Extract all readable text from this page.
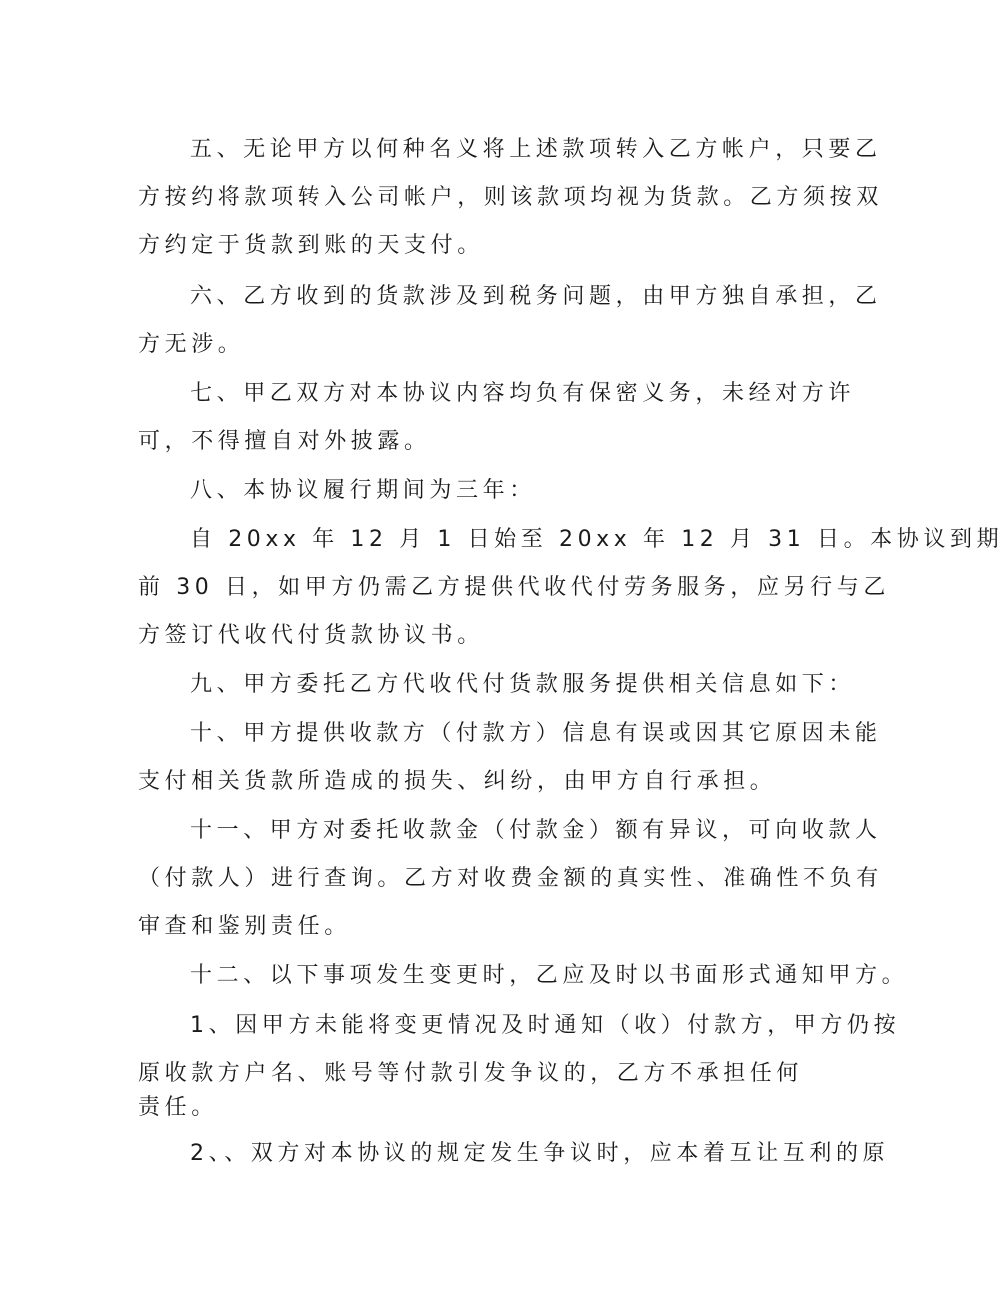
五、无论甲方以何种名义将上述款项转入乙方帐户，只要乙
方按约将款项转入公司帐户，则该款项均视为货款。乙方须按双
方约定于货款到账的天支付。
六、乙方收到的货款涉及到税务问题，由甲方独自承担，乙
方无涉。
七、甲乙双方对本协议内容均负有保密义务，未经对方许
可，不得擅自对外披露。
八、本协议履行期间为三年：
自 20xx 年 12 月 1 日始至 20xx 年 12 月 31 日。本协议到期
前 30 日，如甲方仍需乙方提供代收代付劳务服务，应另行与乙
方签订代收代付货款协议书。
九、甲方委托乙方代收代付货款服务提供相关信息如下：
十、甲方提供收款方（付款方）信息有误或因其它原因未能
支付相关货款所造成的损失、纠纷，由甲方自行承担。
十一、甲方对委托收款金（付款金）额有异议，可向收款人
（付款人）进行查询。乙方对收费金额的真实性、准确性不负有
审查和鉴别责任。
十二、以下事项发生变更时，乙应及时以书面形式通知甲方。
1、因甲方未能将变更情况及时通知（收）付款方，甲方仍按
原收款方户名、账号等付款引发争议的，乙方不承担任何
责任。
2、、双方对本协议的规定发生争议时，应本着互让互利的原
